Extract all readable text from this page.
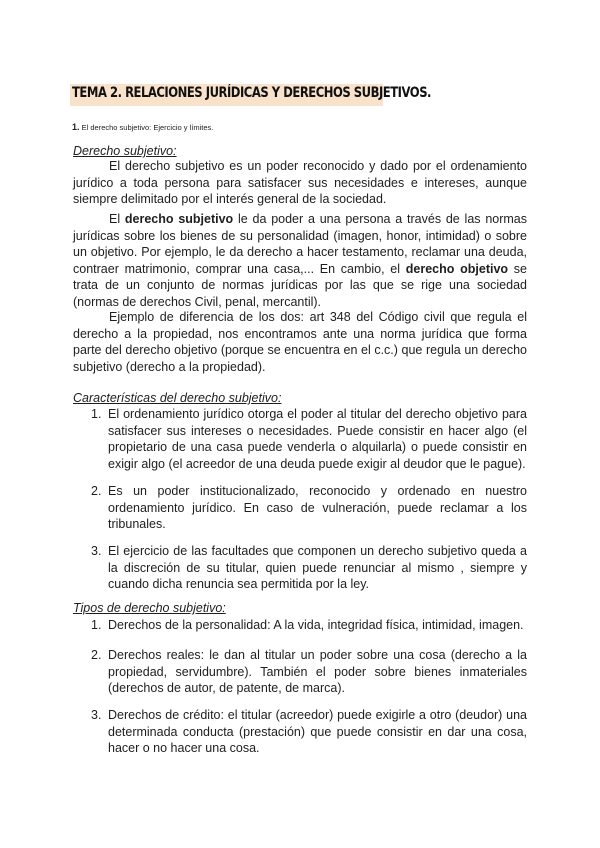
TEMA 2. RELACIONES JURÍDICAS Y DERECHOS SUBJETIVOS.
1. El derecho subjetivo: Ejercicio y límites.

Derecho subjetivo:

El derecho subjetivo es un poder reconocido y dado por el ordenamiento jurídico a toda persona para satisfacer sus necesidades e intereses, aunque siempre delimitado por el interés general de la sociedad.

El derecho subjetivo le da poder a una persona a través de las normas jurídicas sobre los bienes de su personalidad (imagen, honor, intimidad) o sobre un objetivo. Por ejemplo, le da derecho a hacer testamento, reclamar una deuda, contraer matrimonio, comprar una casa,... En cambio, el derecho objetivo se trata de un conjunto de normas jurídicas por las que se rige una sociedad (normas de derechos Civil, penal, mercantil).

Ejemplo de diferencia de los dos: art 348 del Código civil que regula el derecho a la propiedad, nos encontramos ante una norma jurídica que forma parte del derecho objetivo (porque se encuentra en el c.c.) que regula un derecho subjetivo (derecho a la propiedad).

Características del derecho subjetivo:

1. El ordenamiento jurídico otorga el poder al titular del derecho objetivo para satisfacer sus intereses o necesidades. Puede consistir en hacer algo (el propietario de una casa puede venderla o alquilarla) o puede consistir en exigir algo (el acreedor de una deuda puede exigir al deudor que le pague).

2. Es un poder institucionalizado, reconocido y ordenado en nuestro ordenamiento jurídico. En caso de vulneración, puede reclamar a los tribunales.

3. El ejercicio de las facultades que componen un derecho subjetivo queda a la discreción de su titular, quien puede renunciar al mismo , siempre y cuando dicha renuncia sea permitida por la ley.

Tipos de derecho subjetivo:

1. Derechos de la personalidad: A la vida, integridad física, intimidad, imagen.

2. Derechos reales: le dan al titular un poder sobre una cosa (derecho a la propiedad, servidumbre). También el poder sobre bienes inmateriales (derechos de autor, de patente, de marca).

3. Derechos de crédito: el titular (acreedor) puede exigirle a otro (deudor) una determinada conducta (prestación) que puede consistir en dar una cosa, hacer o no hacer una cosa.
